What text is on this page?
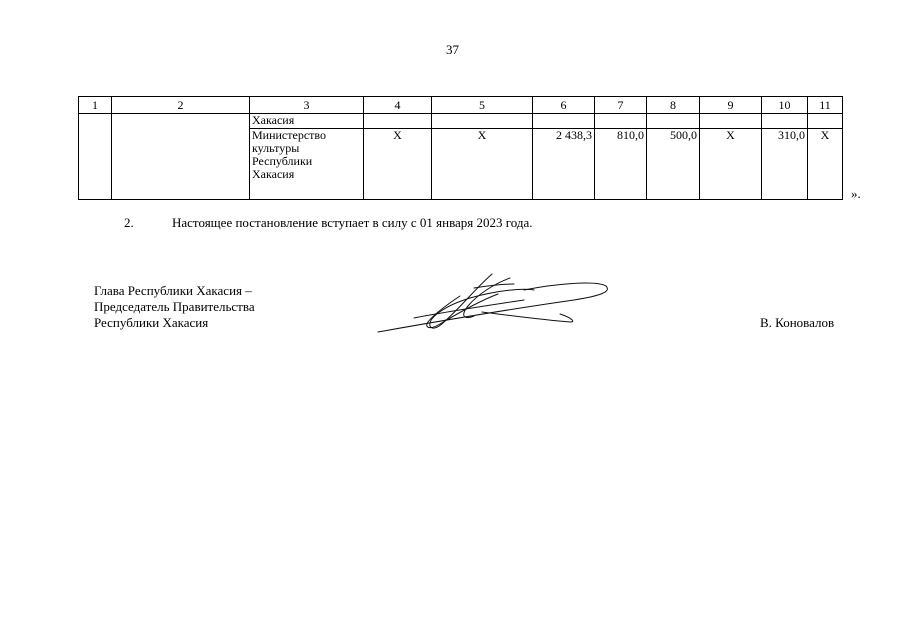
37
1	2	3	4	5	6	7	8	9	10	11
		Хакасия								

		Министерство
культуры
Республики
Хакасия	Х	Х	2 438,3	810,0	500,0	Х	310,0	Х
».
2.	Настоящее постановление вступает в силу с 01 января 2023 года.
Глава Республики Хакасия –
Председатель Правительства
Республики Хакасия	В. Коновалов
